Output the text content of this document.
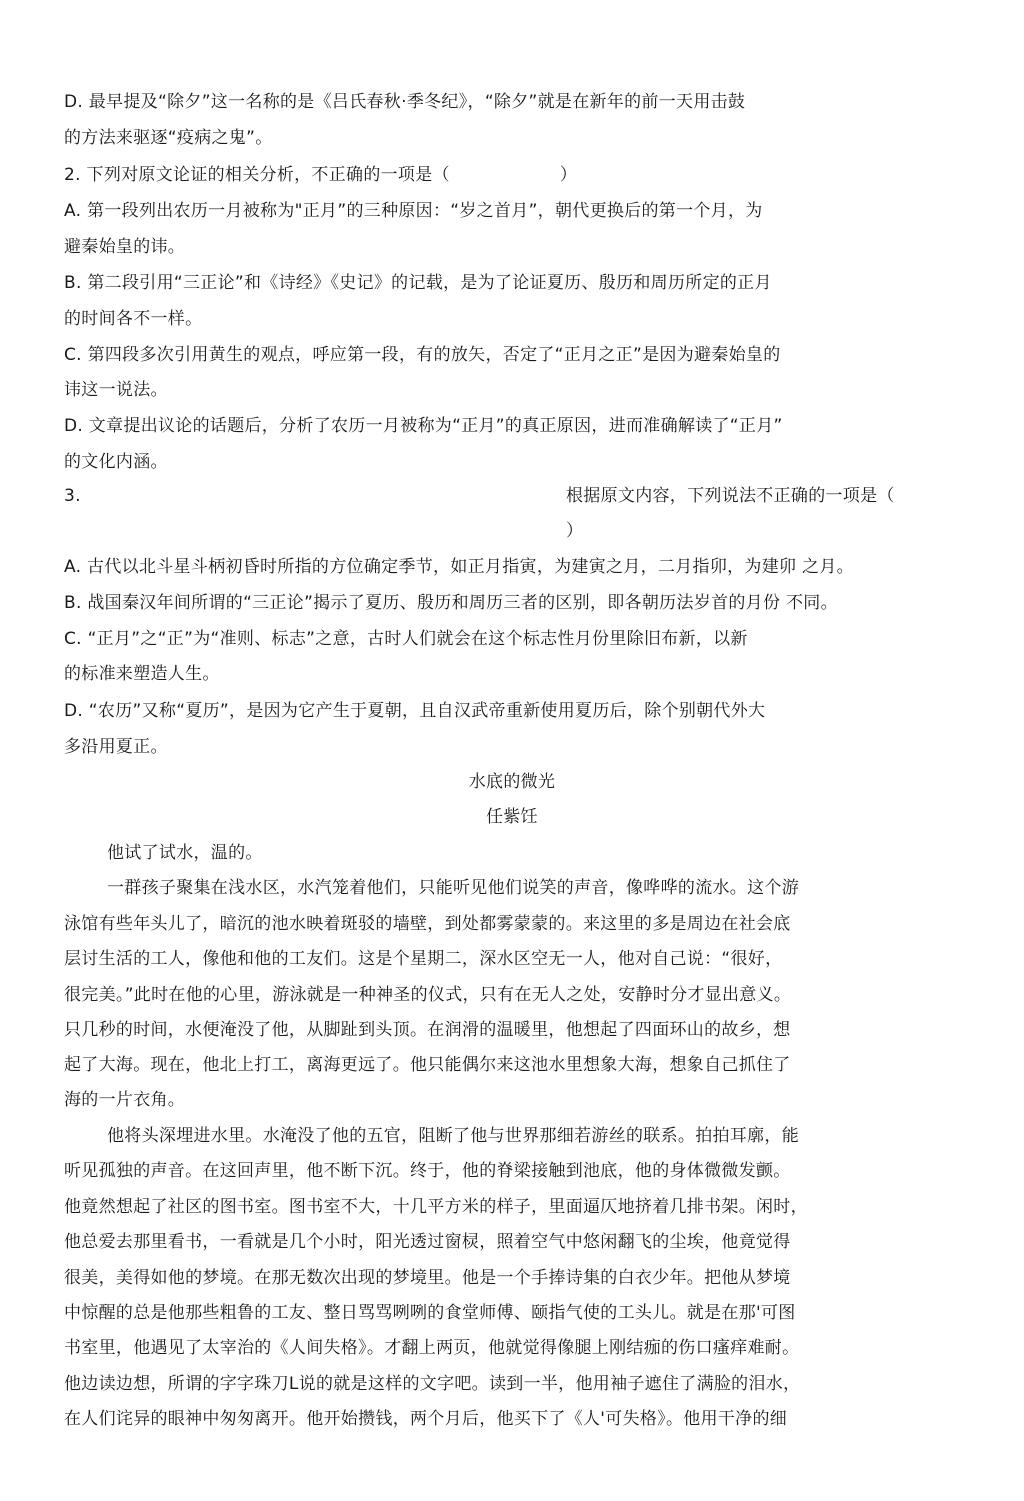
D. 最早提及“除夕”这一名称的是《吕氏春秋·季冬纪》，“除夕”就是在新年的前一天用击鼓
的方法来驱逐“疫病之鬼”。
2. 下列对原文论证的相关分析，不正确的一项是（	）
A. 第一段列出农历一月被称为"正月”的三种原因：“岁之首月”，朝代更换后的第一个月，为
避秦始皇的讳。
B. 第二段引用“三正论”和《诗经》《史记》的记载，是为了论证夏历、殷历和周历所定的正月
的时间各不一样。
C. 第四段多次引用黄生的观点，呼应第一段，有的放矢，否定了“正月之正”是因为避秦始皇的
讳这一说法。
D. 文章提出议论的话题后，分析了农历一月被称为“正月”的真正原因，进而准确解读了“正月”
的文化内涵。
3.	根据原文内容，下列说法不正确的一项是（
）
A. 古代以北斗星斗柄初昏时所指的方位确定季节，如正月指寅，为建寅之月，二月指卯，为建卯 之月。
B. 战国秦汉年间所谓的“三正论”揭示了夏历、殷历和周历三者的区别，即各朝历法岁首的月份 不同。
C. “正月”之“正”为“准则、标志”之意，古时人们就会在这个标志性月份里除旧布新，以新
的标准来塑造人生。
D. “农历”又称“夏历”，是因为它产生于夏朝，且自汉武帝重新使用夏历后，除个别朝代外大
多沿用夏正。
水底的微光
任紫饪
他试了试水，温的。
一群孩子聚集在浅水区，水汽笼着他们，只能听见他们说笑的声音，像哗哗的流水。这个游
泳馆有些年头儿了，暗沉的池水映着斑驳的墙壁，到处都雾蒙蒙的。来这里的多是周边在社会底
层讨生活的工人，像他和他的工友们。这是个星期二，深水区空无一人，他对自己说：“很好，
很完美。”此时在他的心里，游泳就是一种神圣的仪式，只有在无人之处，安静时分才显出意义。
只几秒的时间，水便淹没了他，从脚趾到头顶。在润滑的温暖里，他想起了四面环山的故乡，想
起了大海。现在，他北上打工，离海更远了。他只能偶尔来这池水里想象大海，想象自己抓住了
海的一片衣角。
他将头深埋进水里。水淹没了他的五官，阻断了他与世界那细若游丝的联系。拍拍耳廓，能
听见孤独的声音。在这回声里，他不断下沉。终于，他的脊梁接触到池底，他的身体微微发颤。
他竟然想起了社区的图书室。图书室不大，十几平方米的样子，里面逼仄地挤着几排书架。闲时，
他总爱去那里看书，一看就是几个小时，阳光透过窗棂，照着空气中悠闲翻飞的尘埃，他竟觉得
很美，美得如他的梦境。在那无数次出现的梦境里。他是一个手捧诗集的白衣少年。把他从梦境
中惊醒的总是他那些粗鲁的工友、整日骂骂咧咧的食堂师傅、颐指气使的工头儿。就是在那'可图
书室里，他遇见了太宰治的《人间失格》。才翻上两页，他就觉得像腿上刚结痂的伤口瘙痒难耐。
他边读边想，所谓的字字珠刀L说的就是这样的文字吧。读到一半，他用袖子遮住了满脸的泪水，
在人们诧异的眼神中匆匆离开。他开始攒钱，两个月后，他买下了《人'可失格》。他用干净的细
